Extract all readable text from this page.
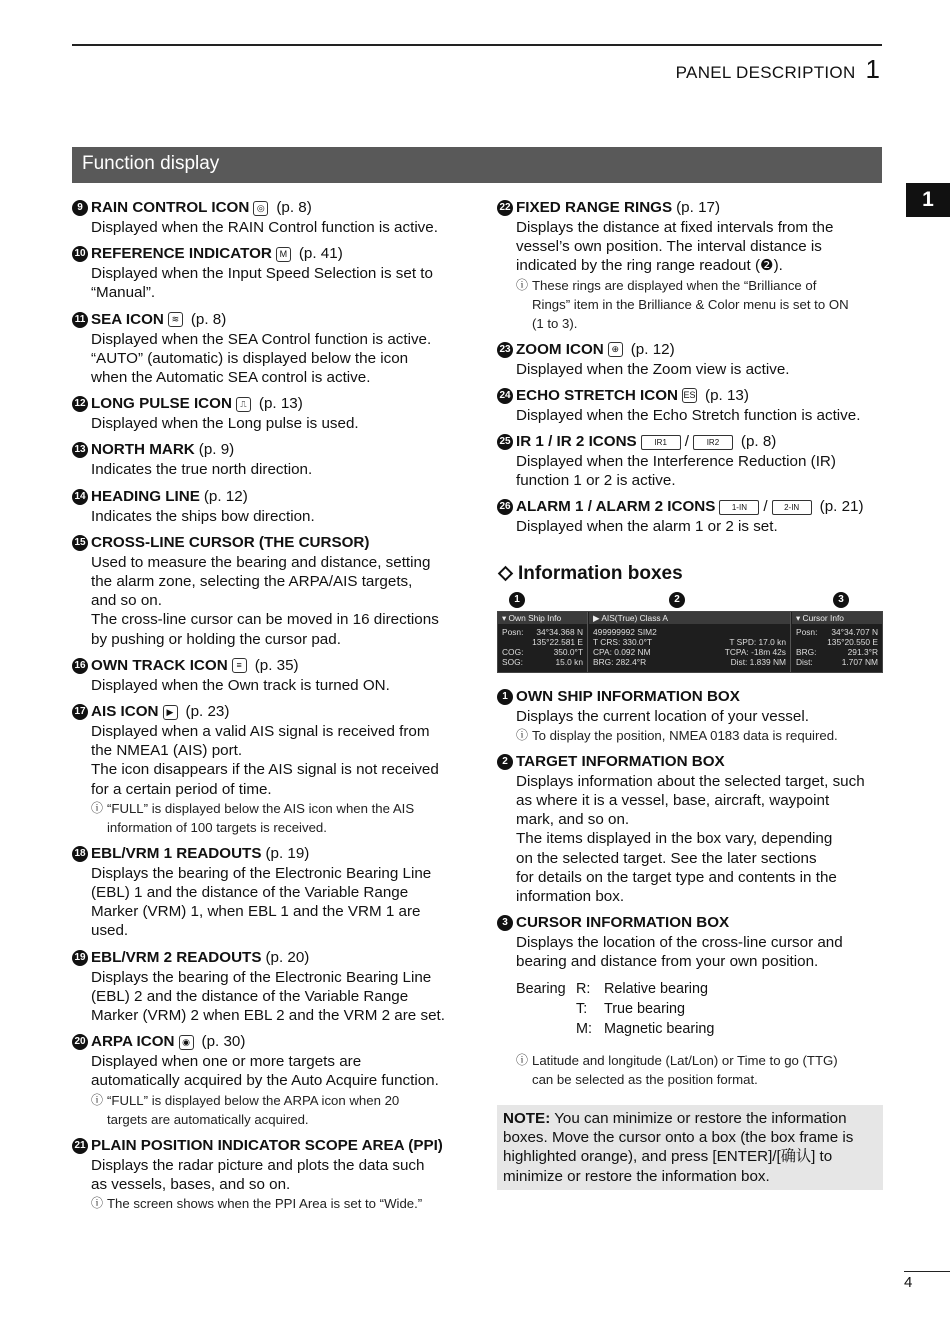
PANEL DESCRIPTION 1
Function display
1
9 RAIN CONTROL ICON ◎ (p. 8)
Displayed when the RAIN Control function is active.
10 REFERENCE INDICATOR M (p. 41)
Displayed when the Input Speed Selection is set to
“Manual”.
11 SEA ICON ≋ (p. 8)
Displayed when the SEA Control function is active.
“AUTO” (automatic) is displayed below the icon
when the Automatic SEA control is active.
12 LONG PULSE ICON ⎍ (p. 13)
Displayed when the Long pulse is used.
13 NORTH MARK (p. 9)
Indicates the true north direction.
14 HEADING LINE (p. 12)
Indicates the ships bow direction.
15 CROSS-LINE CURSOR (THE CURSOR)
Used to measure the bearing and distance, setting
the alarm zone, selecting the ARPA/AIS targets,
and so on.
The cross-line cursor can be moved in 16 directions
by pushing or holding the cursor pad.
16 OWN TRACK ICON ≡ (p. 35)
Displayed when the Own track is turned ON.
17 AIS ICON ▶ (p. 23)
Displayed when a valid AIS signal is received from
the NMEA1 (AIS) port.
The icon disappears if the AIS signal is not received
for a certain period of time.
ⓘ “FULL” is displayed below the AIS icon when the AIS
information of 100 targets is received.
18 EBL/VRM 1 READOUTS (p. 19)
Displays the bearing of the Electronic Bearing Line
(EBL) 1 and the distance of the Variable Range
Marker (VRM) 1, when EBL 1 and the VRM 1 are
used.
19 EBL/VRM 2 READOUTS (p. 20)
Displays the bearing of the Electronic Bearing Line
(EBL) 2 and the distance of the Variable Range
Marker (VRM) 2 when EBL 2 and the VRM 2 are set.
20 ARPA ICON ◉ (p. 30)
Displayed when one or more targets are
automatically acquired by the Auto Acquire function.
ⓘ “FULL” is displayed below the ARPA icon when 20
targets are automatically acquired.
21 PLAIN POSITION INDICATOR SCOPE AREA (PPI)
Displays the radar picture and plots the data such
as vessels, bases, and so on.
ⓘ The screen shows when the PPI Area is set to “Wide.”
22 FIXED RANGE RINGS (p. 17)
Displays the distance at fixed intervals from the
vessel’s own position. The interval distance is
indicated by the ring range readout (❷).
ⓘ These rings are displayed when the “Brilliance of
Rings” item in the Brilliance & Color menu is set to ON
(1 to 3).
23 ZOOM ICON ⊕ (p. 12)
Displayed when the Zoom view is active.
24 ECHO STRETCH ICON ES (p. 13)
Displayed when the Echo Stretch function is active.
25 IR 1 / IR 2 ICONS	IR1	/	IR2	(p. 8)
Displayed when the Interference Reduction (IR)
function 1 or 2 is active.
26 ALARM 1 / ALARM 2 ICONS	1-IN	/	2-IN	(p. 21)
Displayed when the alarm 1 or 2 is set.
Information boxes
1	2	3
▾ Own Ship Info
Posn: 34°34.368 N
135°22.581 E
COG:	350.0°T
SOG:	15.0 kn
▶ AIS(True) Class A
499999992 SIM2
T CRS: 330.0°T	T SPD: 17.0 kn
CPA: 0.092 NM	TCPA: -18m 42s
BRG: 282.4°R	Dist: 1.839 NM
▾ Cursor Info
Posn: 34°34.707 N
135°20.550 E
BRG:	291.3°R
Dist:	1.707 NM
1 OWN SHIP INFORMATION BOX
Displays the current location of your vessel.
ⓘ To display the position, NMEA 0183 data is required.
2 TARGET INFORMATION BOX
Displays information about the selected target, such
as where it is a vessel, base, aircraft, waypoint
mark, and so on.
The items displayed in the box vary, depending
on the selected target. See the later sections
for details on the target type and contents in the
information box.
3 CURSOR INFORMATION BOX
Displays the location of the cross-line cursor and
bearing and distance from your own position.
Bearing R: Relative bearing
T:	True bearing
M: Magnetic bearing
ⓘ Latitude and longitude (Lat/Lon) or Time to go (TTG)
can be selected as the position format.
NOTE: You can minimize or restore the information boxes. Move the cursor onto a box (the box frame is highlighted orange), and press [ENTER]/[确认] to minimize or restore the information box.
4
